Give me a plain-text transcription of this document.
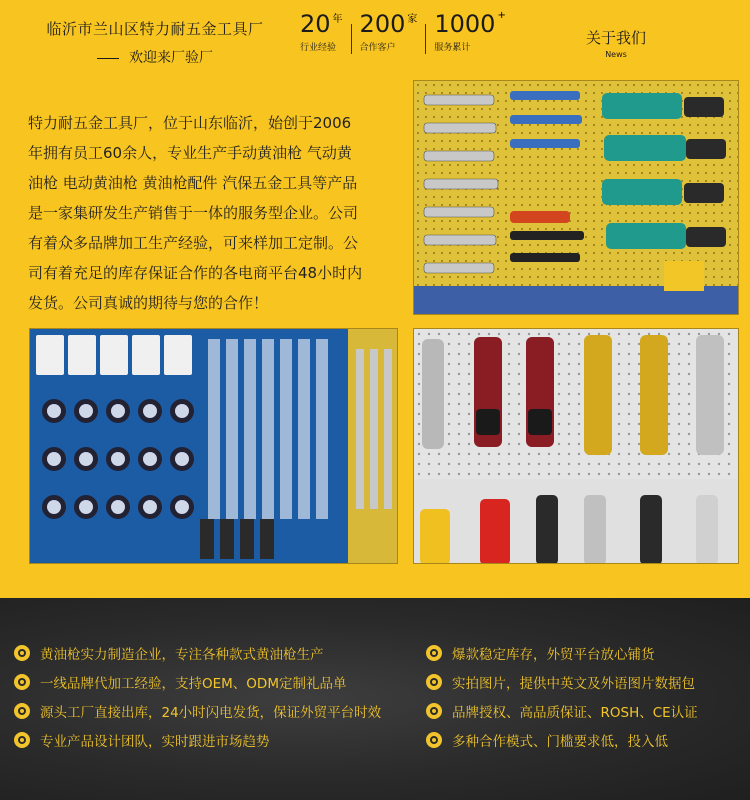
临沂市兰山区特力耐五金工具厂
欢迎来厂验厂
20 $^年$
行业经验
200 $^家$
合作客户
1000 +
服务累计
关于我们
News
特力耐五金工具厂，位于山东临沂，始创于2006
年拥有员工60余人，专业生产手动黄油枪 气动黄
油枪 电动黄油枪 黄油枪配件 汽保五金工具等产品
是一家集研发生产销售于一体的服务型企业。公司
有着众多品牌加工生产经验，可来样加工定制。公
司有着充足的库存保证合作的各电商平台48小时内
发货。公司真诚的期待与您的合作！
黄油枪实力制造企业，专注各种款式黄油枪生产
一线品牌代加工经验，支持OEM、ODM定制礼品单
源头工厂直接出库，24小时闪电发货，保证外贸平台时效
专业产品设计团队，实时跟进市场趋势
爆款稳定库存，外贸平台放心铺货
实拍图片，提供中英文及外语图片数据包
品牌授权、高品质保证、ROSH、CE认证
多种合作模式、门槛要求低，投入低
